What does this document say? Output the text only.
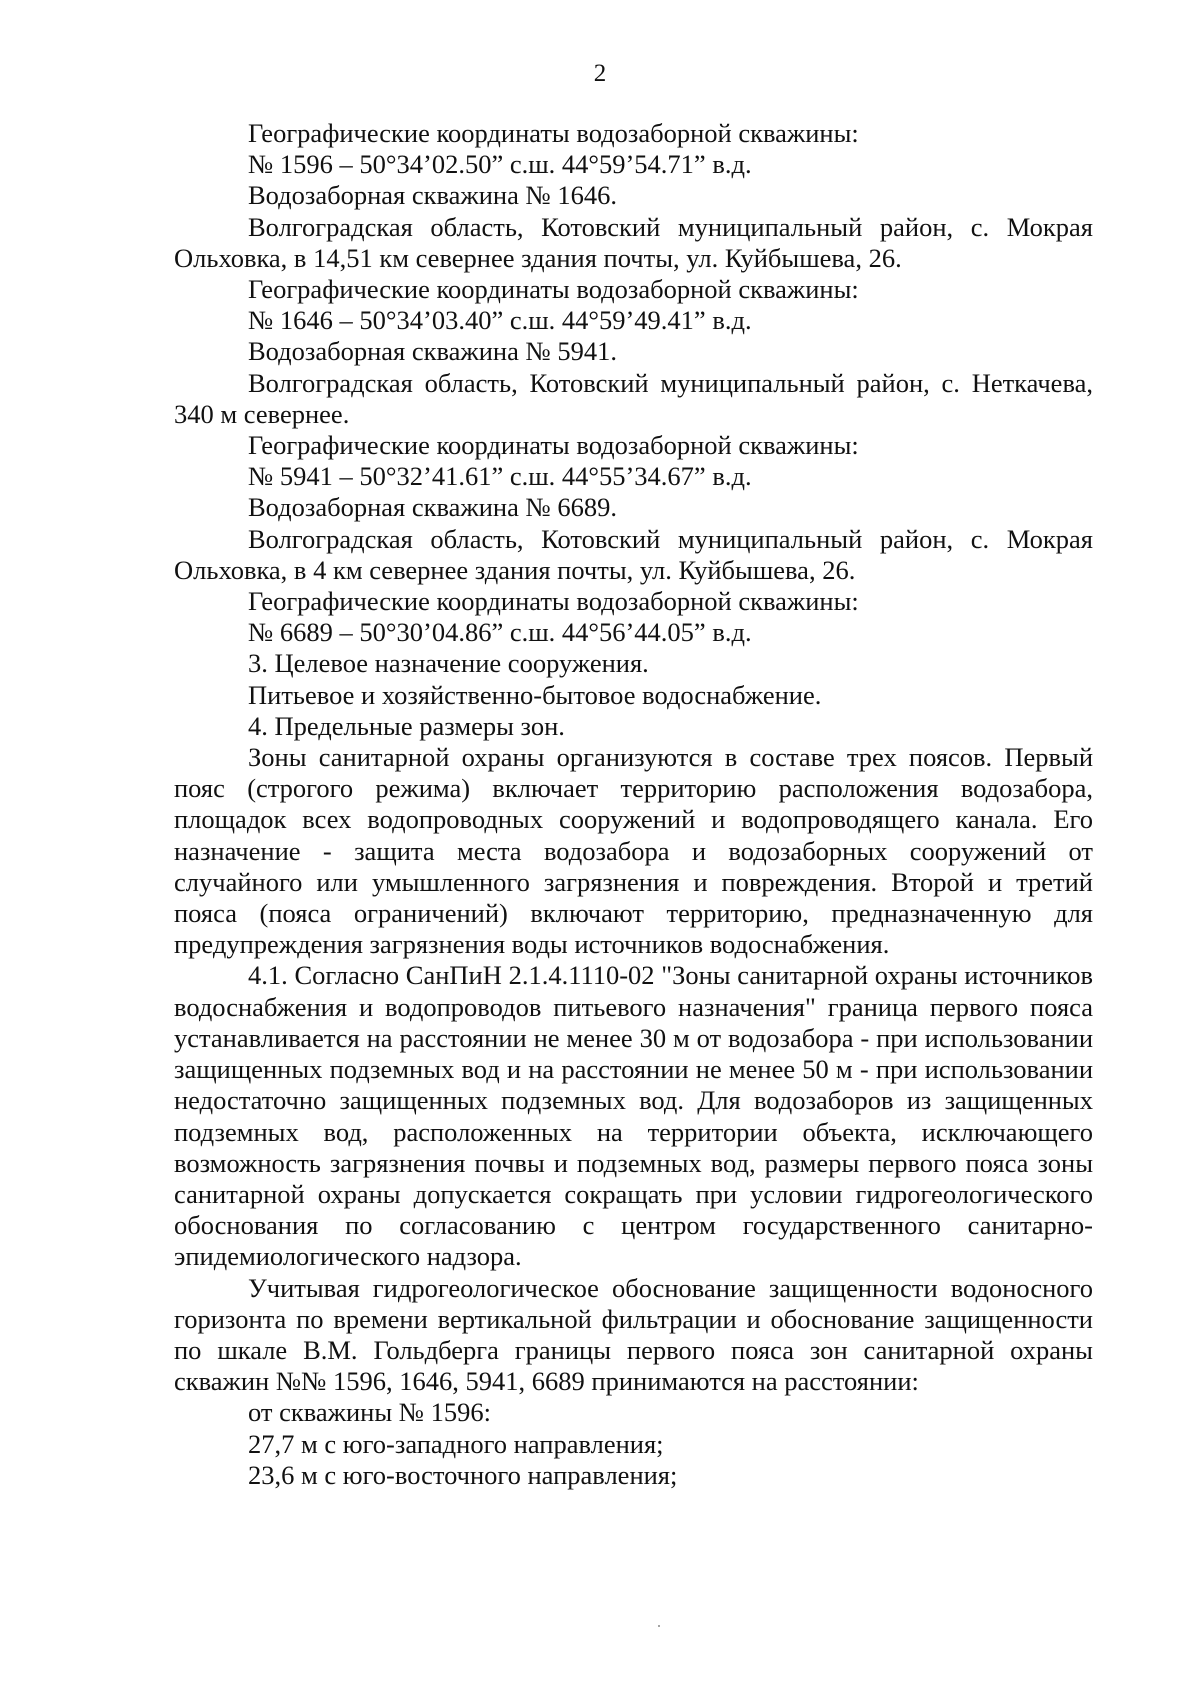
2

Географические координаты водозаборной скважины:

№ 1596 – 50°34’02.50” с.ш. 44°59’54.71” в.д.

Водозаборная скважина № 1646.

Волгоградская область, Котовский муниципальный район, с. Мокрая Ольховка, в 14,51 км севернее здания почты, ул. Куйбышева, 26.

Географические координаты водозаборной скважины:

№ 1646 – 50°34’03.40” с.ш. 44°59’49.41” в.д.

Водозаборная скважина № 5941.

Волгоградская область, Котовский муниципальный район, с. Неткачева, 340 м севернее.

Географические координаты водозаборной скважины:

№ 5941 – 50°32’41.61” с.ш. 44°55’34.67” в.д.

Водозаборная скважина № 6689.

Волгоградская область, Котовский муниципальный район, с. Мокрая Ольховка, в 4 км севернее здания почты, ул. Куйбышева, 26.

Географические координаты водозаборной скважины:

№ 6689 – 50°30’04.86” с.ш. 44°56’44.05” в.д.

3. Целевое назначение сооружения.

Питьевое и хозяйственно-бытовое водоснабжение.

4. Предельные размеры зон.

Зоны санитарной охраны организуются в составе трех поясов. Первый пояс (строгого режима) включает территорию расположения водозабора, площадок всех водопроводных сооружений и водопроводящего канала. Его назначение - защита места водозабора и водозаборных сооружений от случайного или умышленного загрязнения и повреждения. Второй и третий пояса (пояса ограничений) включают территорию, предназначенную для предупреждения загрязнения воды источников водоснабжения.

4.1. Согласно СанПиН 2.1.4.1110-02 "Зоны санитарной охраны источников водоснабжения и водопроводов питьевого назначения" граница первого пояса устанавливается на расстоянии не менее 30 м от водозабора - при использовании защищенных подземных вод и на расстоянии не менее 50 м - при использовании недостаточно защищенных подземных вод. Для водозаборов из защищенных подземных вод, расположенных на территории объекта, исключающего возможность загрязнения почвы и подземных вод, размеры первого пояса зоны санитарной охраны допускается сокращать при условии гидрогеологического обоснования по согласованию с центром государственного санитарно-эпидемиологического надзора.

Учитывая гидрогеологическое обоснование защищенности водоносного горизонта по времени вертикальной фильтрации и обоснование защищенности по шкале В.М. Гольдберга границы первого пояса зон санитарной охраны скважин №№ 1596, 1646, 5941, 6689 принимаются на расстоянии:

от скважины № 1596:

27,7 м с юго-западного направления;

23,6 м с юго-восточного направления;
